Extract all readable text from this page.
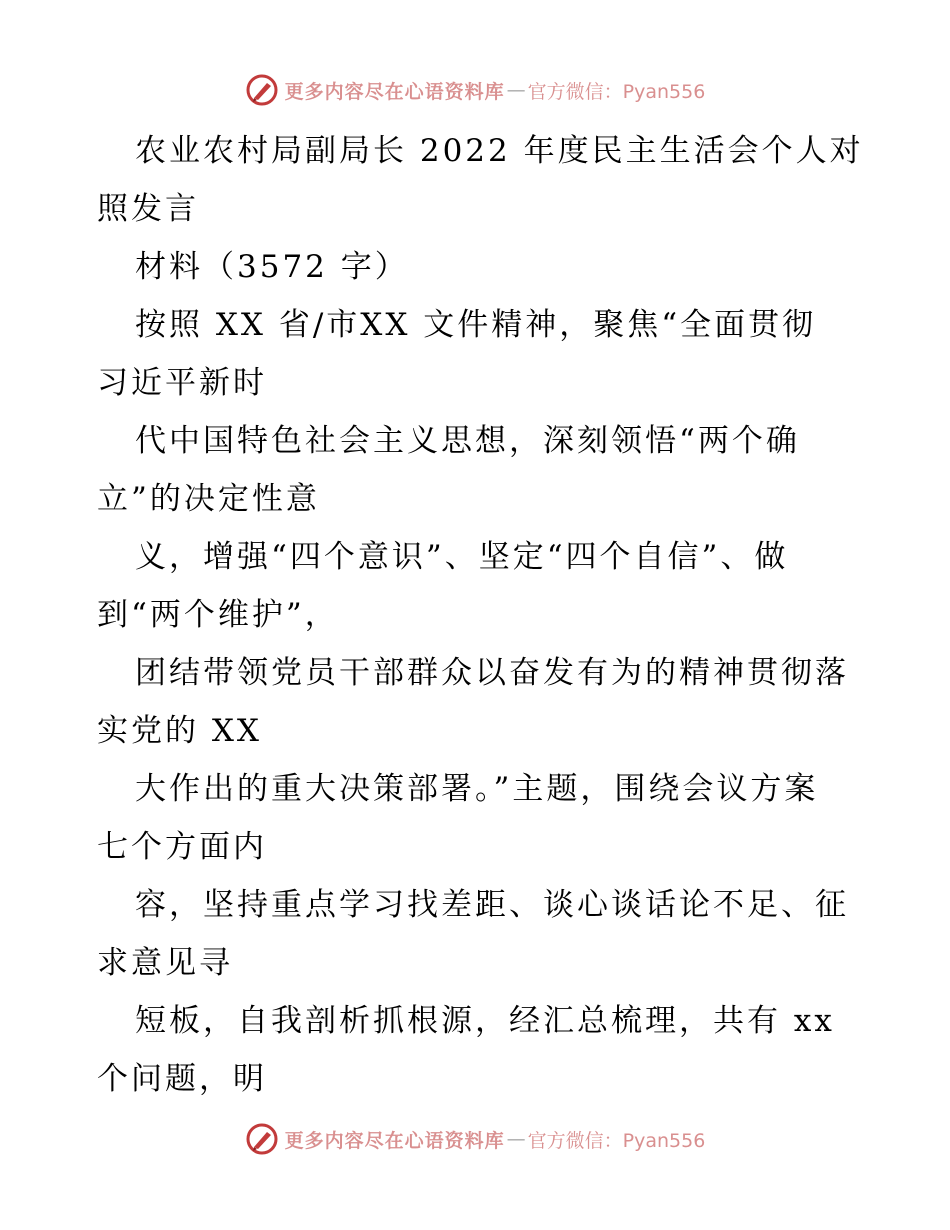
更多内容尽在心语资料库 — 官方微信：Pyan556
农业农村局副局长 2022 年度民主生活会个人对
照发言
材料（3572 字）
按照 XX 省/市XX 文件精神，聚焦“全面贯彻
习近平新时
代中国特色社会主义思想，深刻领悟“两个确
立”的决定性意
义，增强“四个意识”、坚定“四个自信”、做
到“两个维护”，
团结带领党员干部群众以奋发有为的精神贯彻落
实党的 XX
大作出的重大决策部署。”主题，围绕会议方案
七个方面内
容，坚持重点学习找差距、谈心谈话论不足、征
求意见寻
短板，自我剖析抓根源，经汇总梳理，共有 xx
个问题，明
更多内容尽在心语资料库 — 官方微信：Pyan556
